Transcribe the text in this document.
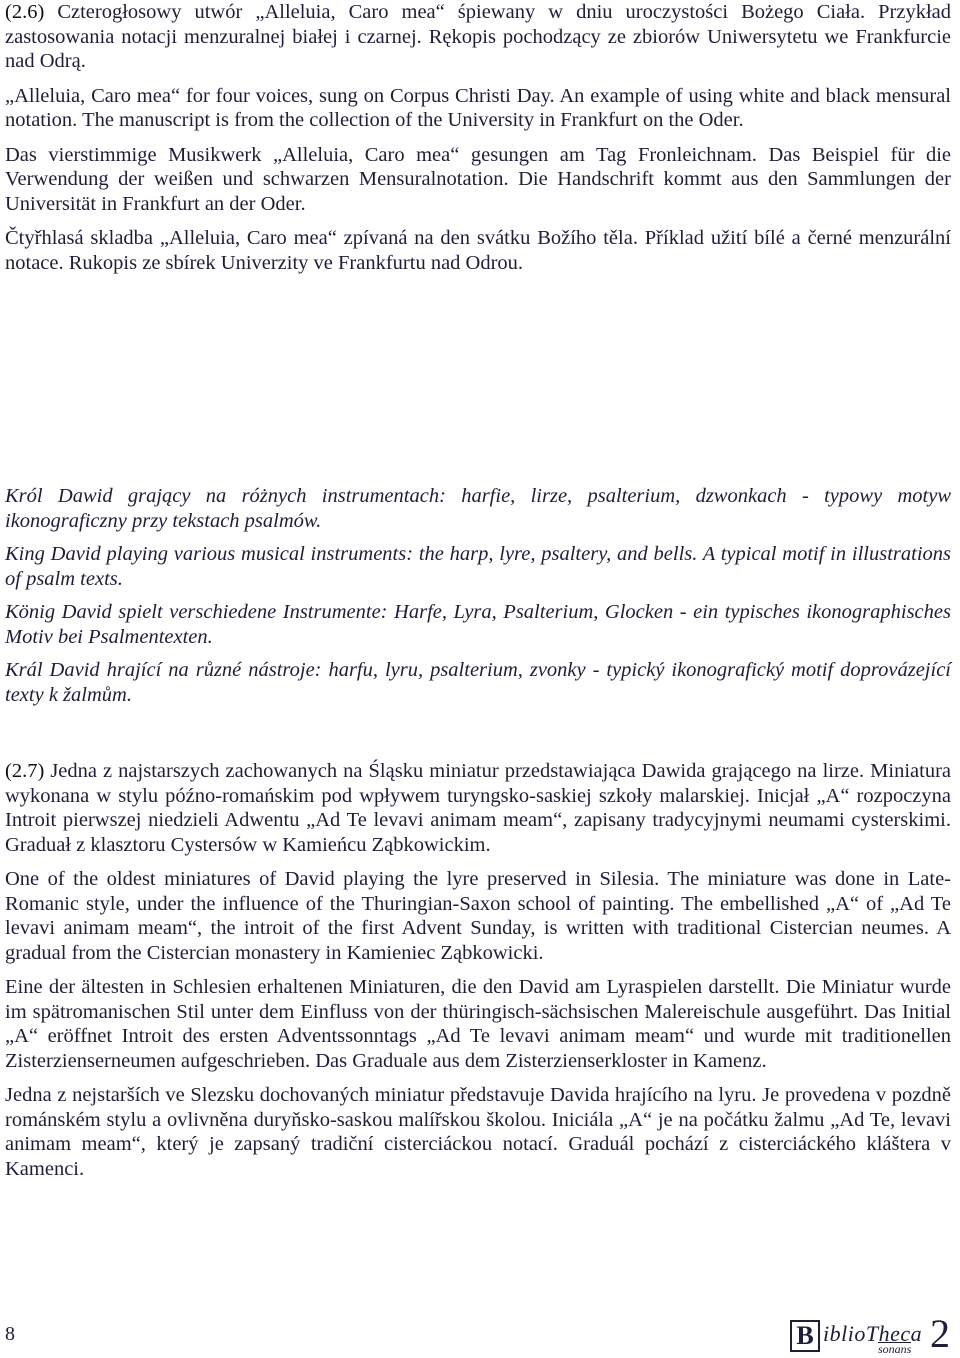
(2.6) Czterogłosowy utwór „Alleluia, Caro mea“ śpiewany w dniu uroczystości Bożego Ciała. Przykład zastosowania notacji menzuralnej białej i czarnej. Rękopis pochodzący ze zbiorów Uniwersytetu we Frankfurcie nad Odrą.

„Alleluia, Caro mea“ for four voices, sung on Corpus Christi Day. An example of using white and black mensural notation. The manuscript is from the collection of the University in Frankfurt on the Oder.

Das vierstimmige Musikwerk „Alleluia, Caro mea“ gesungen am Tag Fronleichnam. Das Beispiel für die Verwendung der weißen und schwarzen Mensuralnotation. Die Handschrift kommt aus den Sammlungen der Universität in Frankfurt an der Oder.

Čtyřhlasá skladba „Alleluia, Caro mea“ zpívaná na den svátku Božího těla. Příklad užití bílé a černé menzurální notace. Rukopis ze sbírek Univerzity ve Frankfurtu nad Odrou.

Król Dawid grający na różnych instrumentach: harfie, lirze, psalterium, dzwonkach - typowy motyw ikonograficzny przy tekstach psalmów.

King David playing various musical instruments: the harp, lyre, psaltery, and bells. A typical motif in illustrations of psalm texts.

König David spielt verschiedene Instrumente: Harfe, Lyra, Psalterium, Glocken - ein typisches ikonographisches Motiv bei Psalmentexten.

Král David hrající na různé nástroje: harfu, lyru, psalterium, zvonky - typický ikonografický motif doprovázející texty k žalmům.

(2.7) Jedna z najstarszych zachowanych na Śląsku miniatur przedstawiająca Dawida grającego na lirze. Miniatura wykonana w stylu późno-romańskim pod wpływem turyngsko-saskiej szkoły malarskiej. Inicjał „A“ rozpoczyna Introit pierwszej niedzieli Adwentu „Ad Te levavi animam meam“, zapisany tradycyjnymi neumami cysterskimi. Graduał z klasztoru Cystersów w Kamieńcu Ząbkowickim.

One of the oldest miniatures of David playing the lyre preserved in Silesia. The miniature was done in Late-Romanic style, under the influence of the Thuringian-Saxon school of painting. The embellished „A“ of „Ad Te levavi animam meam“, the introit of the first Advent Sunday, is written with traditional Cistercian neumes. A gradual from the Cistercian monastery in Kamieniec Ząbkowicki.

Eine der ältesten in Schlesien erhaltenen Miniaturen, die den David am Lyraspielen darstellt. Die Miniatur wurde im spätromanischen Stil unter dem Einfluss von der thüringisch-sächsischen Malereischule ausgeführt. Das Initial „A“ eröffnet Introit des ersten Adventssonntags „Ad Te levavi animam meam“ und wurde mit traditionellen Zisterzienserneumen aufgeschrieben. Das Graduale aus dem Zisterzienserkloster in Kamenz.

Jedna z nejstarších ve Slezsku dochovaných miniatur představuje Davida hrajícího na lyru. Je provedena v pozdně románském stylu a ovlivněna duryňsko-saskou malířskou školou. Iniciála „A“ je na počátku žalmu „Ad Te, levavi animam meam“, který je zapsaný tradiční cisterciáckou notací. Graduál pochází z cisterciáckého kláštera v Kamenci.

8	B iblioTheca
sonans 2
